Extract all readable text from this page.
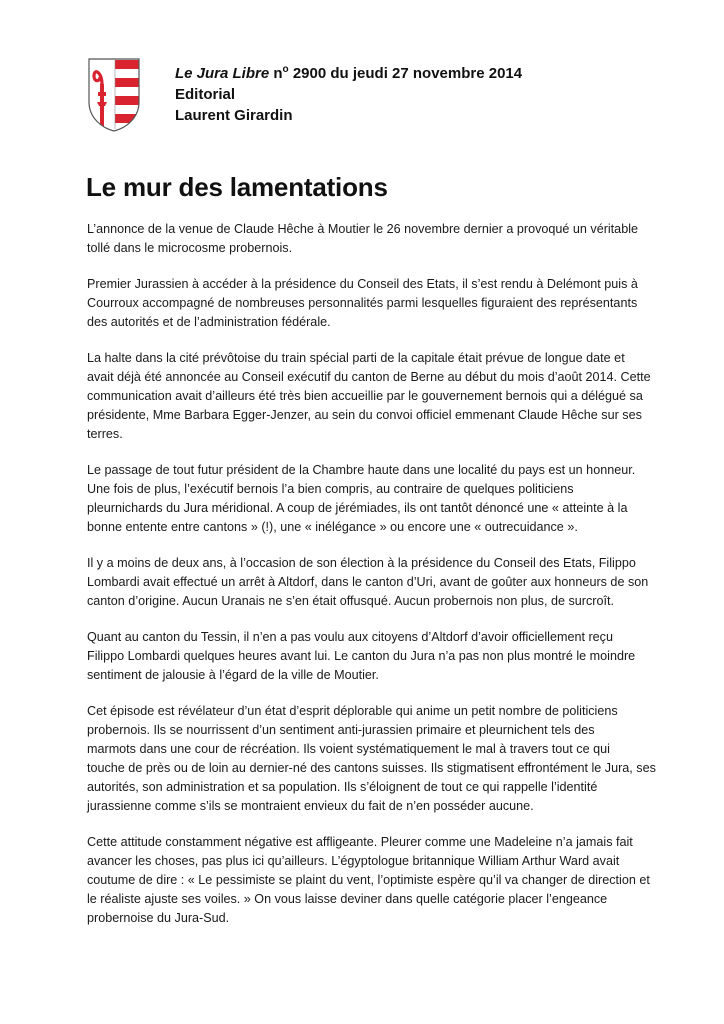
Le Jura Libre $n^o$ 2900 du jeudi 27 novembre 2014
Editorial
Laurent Girardin
Le mur des lamentations

L’annonce de la venue de Claude Hêche à Moutier le 26 novembre dernier a provoqué un véritable
tollé dans le microcosme probernois.

Premier Jurassien à accéder à la présidence du Conseil des Etats, il s’est rendu à Delémont puis à
Courroux accompagné de nombreuses personnalités parmi lesquelles figuraient des représentants
des autorités et de l’administration fédérale.

La halte dans la cité prévôtoise du train spécial parti de la capitale était prévue de longue date et
avait déjà été annoncée au Conseil exécutif du canton de Berne au début du mois d’août 2014. Cette
communication avait d’ailleurs été très bien accueillie par le gouvernement bernois qui a délégué sa
présidente, Mme Barbara Egger-Jenzer, au sein du convoi officiel emmenant Claude Hêche sur ses
terres.

Le passage de tout futur président de la Chambre haute dans une localité du pays est un honneur.
Une fois de plus, l’exécutif bernois l’a bien compris, au contraire de quelques politiciens
pleurnichards du Jura méridional. A coup de jérémiades, ils ont tantôt dénoncé une « atteinte à la
bonne entente entre cantons » (!), une « inélégance » ou encore une « outrecuidance ».

Il y a moins de deux ans, à l’occasion de son élection à la présidence du Conseil des Etats, Filippo
Lombardi avait effectué un arrêt à Altdorf, dans le canton d’Uri, avant de goûter aux honneurs de son
canton d’origine. Aucun Uranais ne s’en était offusqué. Aucun probernois non plus, de surcroît.

Quant au canton du Tessin, il n’en a pas voulu aux citoyens d’Altdorf d’avoir officiellement reçu
Filippo Lombardi quelques heures avant lui. Le canton du Jura n’a pas non plus montré le moindre
sentiment de jalousie à l’égard de la ville de Moutier.

Cet épisode est révélateur d’un état d’esprit déplorable qui anime un petit nombre de politiciens
probernois. Ils se nourrissent d’un sentiment anti-jurassien primaire et pleurnichent tels des
marmots dans une cour de récréation. Ils voient systématiquement le mal à travers tout ce qui
touche de près ou de loin au dernier-né des cantons suisses. Ils stigmatisent effrontément le Jura, ses
autorités, son administration et sa population. Ils s’éloignent de tout ce qui rappelle l’identité
jurassienne comme s’ils se montraient envieux du fait de n’en posséder aucune.

Cette attitude constamment négative est affligeante. Pleurer comme une Madeleine n’a jamais fait
avancer les choses, pas plus ici qu’ailleurs. L’égyptologue britannique William Arthur Ward avait
coutume de dire : « Le pessimiste se plaint du vent, l’optimiste espère qu’il va changer de direction et
le réaliste ajuste ses voiles. » On vous laisse deviner dans quelle catégorie placer l’engeance
probernoise du Jura-Sud.
